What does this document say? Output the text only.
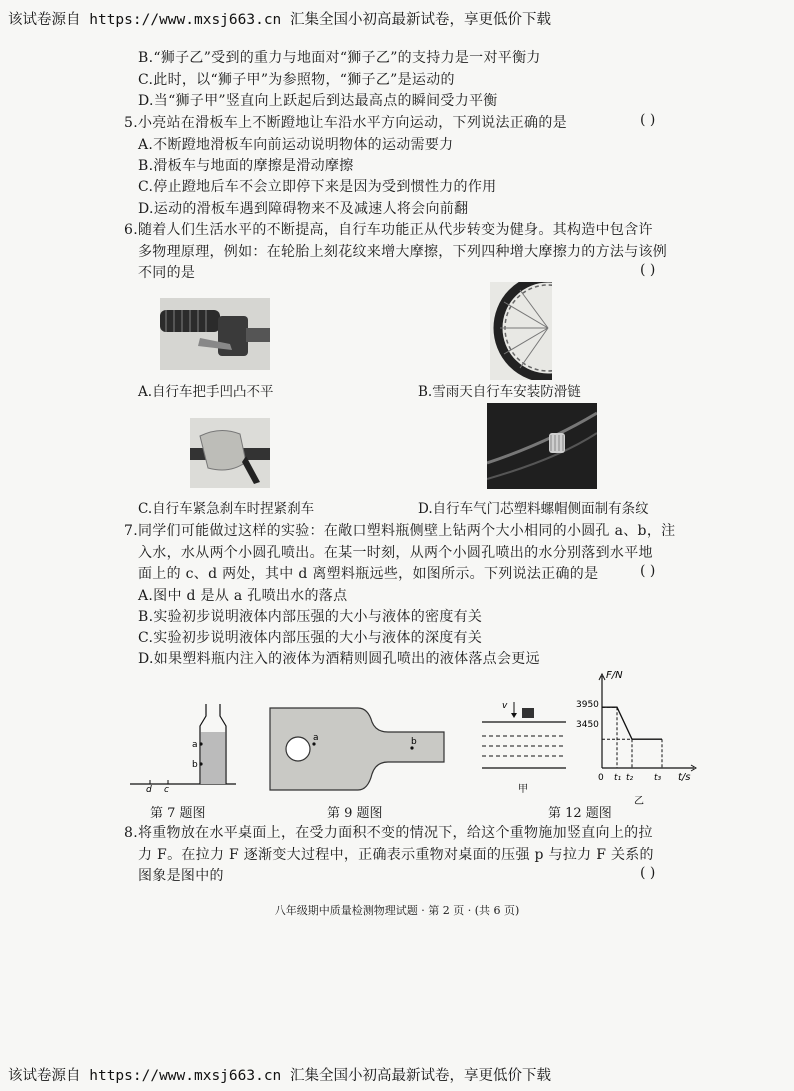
该试卷源自 https://www.mxsj663.cn 汇集全国小初高最新试卷，享更低价下载
B.“狮子乙”受到的重力与地面对“狮子乙”的支持力是一对平衡力
C.此时，以“狮子甲”为参照物，“狮子乙”是运动的
D.当“狮子甲”竖直向上跃起后到达最高点的瞬间受力平衡
5.小亮站在滑板车上不断蹬地让车沿水平方向运动，下列说法正确的是	( )
A.不断蹬地滑板车向前运动说明物体的运动需要力
B.滑板车与地面的摩擦是滑动摩擦
C.停止蹬地后车不会立即停下来是因为受到惯性力的作用
D.运动的滑板车遇到障碍物来不及减速人将会向前翻
6.随着人们生活水平的不断提高，自行车功能正从代步转变为健身。其构造中包含许
多物理原理，例如：在轮胎上刻花纹来增大摩擦，下列四种增大摩擦力的方法与该例
不同的是	( )
A.自行车把手凹凸不平	B.雪雨天自行车安装防滑链
C.自行车紧急刹车时捏紧刹车	D.自行车气门芯塑料螺帽侧面制有条纹
7.同学们可能做过这样的实验：在敞口塑料瓶侧壁上钻两个大小相同的小圆孔 a、b，注
入水，水从两个小圆孔喷出。在某一时刻，从两个小圆孔喷出的水分别落到水平地
面上的 c、d 两处，其中 d 离塑料瓶远些，如图所示。下列说法正确的是	( )
A.图中 d 是从 a 孔喷出水的落点
B.实验初步说明液体内部压强的大小与液体的密度有关
C.实验初步说明液体内部压强的大小与液体的深度有关
D.如果塑料瓶内注入的液体为酒精则圆孔喷出的液体落点会更远
a
b
d c
第 7 题图
a	b
第 9 题图
v
甲
F/N
t/s
3950
3450
0 t₁ t₂ t₃
乙
第 12 题图
8.将重物放在水平桌面上，在受力面积不变的情况下，给这个重物施加竖直向上的拉
力 F。在拉力 F 逐渐变大过程中，正确表示重物对桌面的压强 p 与拉力 F 关系的
图象是图中的	( )
八年级期中质量检测物理试题 · 第 2 页 · (共 6 页)
该试卷源自 https://www.mxsj663.cn 汇集全国小初高最新试卷，享更低价下载
